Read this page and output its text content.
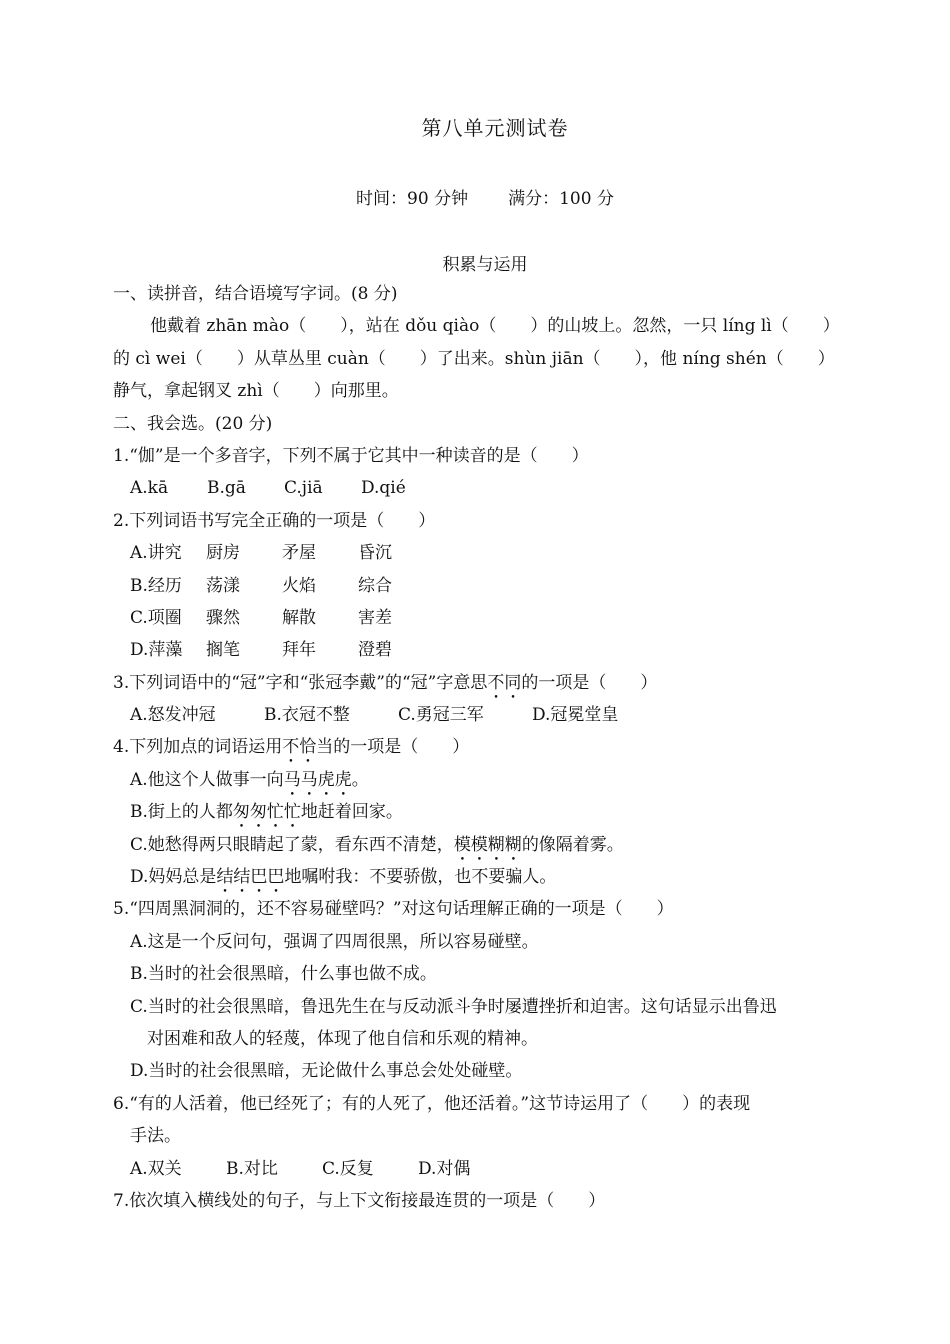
第八单元测试卷
时间：90 分钟 满分：100 分
积累与运用
一、读拼音，结合语境写字词。(8 分)
他戴着 zhān mào（　　），站在 dǒu qiào（　　）的山坡上。忽然，一只 líng lì（　　）
的 cì wei（　　）从草丛里 cuàn（　　）了出来。shùn jiān（　　），他 níng shén（　　）
静气，拿起钢叉 zhì（　　）向那里。
二、我会选。(20 分)
1.“伽”是一个多音字，下列不属于它其中一种读音的是（　　）
A.kā B.gā C.jiā D.qié
2.下列词语书写完全正确的一项是（　　）
A.讲究 厨房 矛屋 昏沉
B.经历 荡漾 火焰 综合
C.项圈 骤然 解散 害差
D.萍藻 搁笔 拜年 澄碧
3.下列词语中的“冠”字和“张冠李戴”的“冠”字意思不同的一项是（　　）
A.怒发冲冠	B.衣冠不整	C.勇冠三军	D.冠冕堂皇
4.下列加点的词语运用不恰当的一项是（　　）
A.他这个人做事一向马马虎虎。
B.街上的人都匆匆忙忙地赶着回家。
C.她愁得两只眼睛起了蒙，看东西不清楚，模模糊糊的像隔着雾。
D.妈妈总是结结巴巴地嘱咐我：不要骄傲，也不要骗人。
5.“四周黑洞洞的，还不容易碰壁吗？”对这句话理解正确的一项是（　　）
A.这是一个反问句，强调了四周很黑，所以容易碰壁。
B.当时的社会很黑暗，什么事也做不成。
C.当时的社会很黑暗，鲁迅先生在与反动派斗争时屡遭挫折和迫害。这句话显示出鲁迅
对困难和敌人的轻蔑，体现了他自信和乐观的精神。
D.当时的社会很黑暗，无论做什么事总会处处碰壁。
6.“有的人活着，他已经死了；有的人死了，他还活着。”这节诗运用了（　　）的表现
手法。
A.双关	B.对比	C.反复	D.对偶
7.依次填入横线处的句子，与上下文衔接最连贯的一项是（　　）
